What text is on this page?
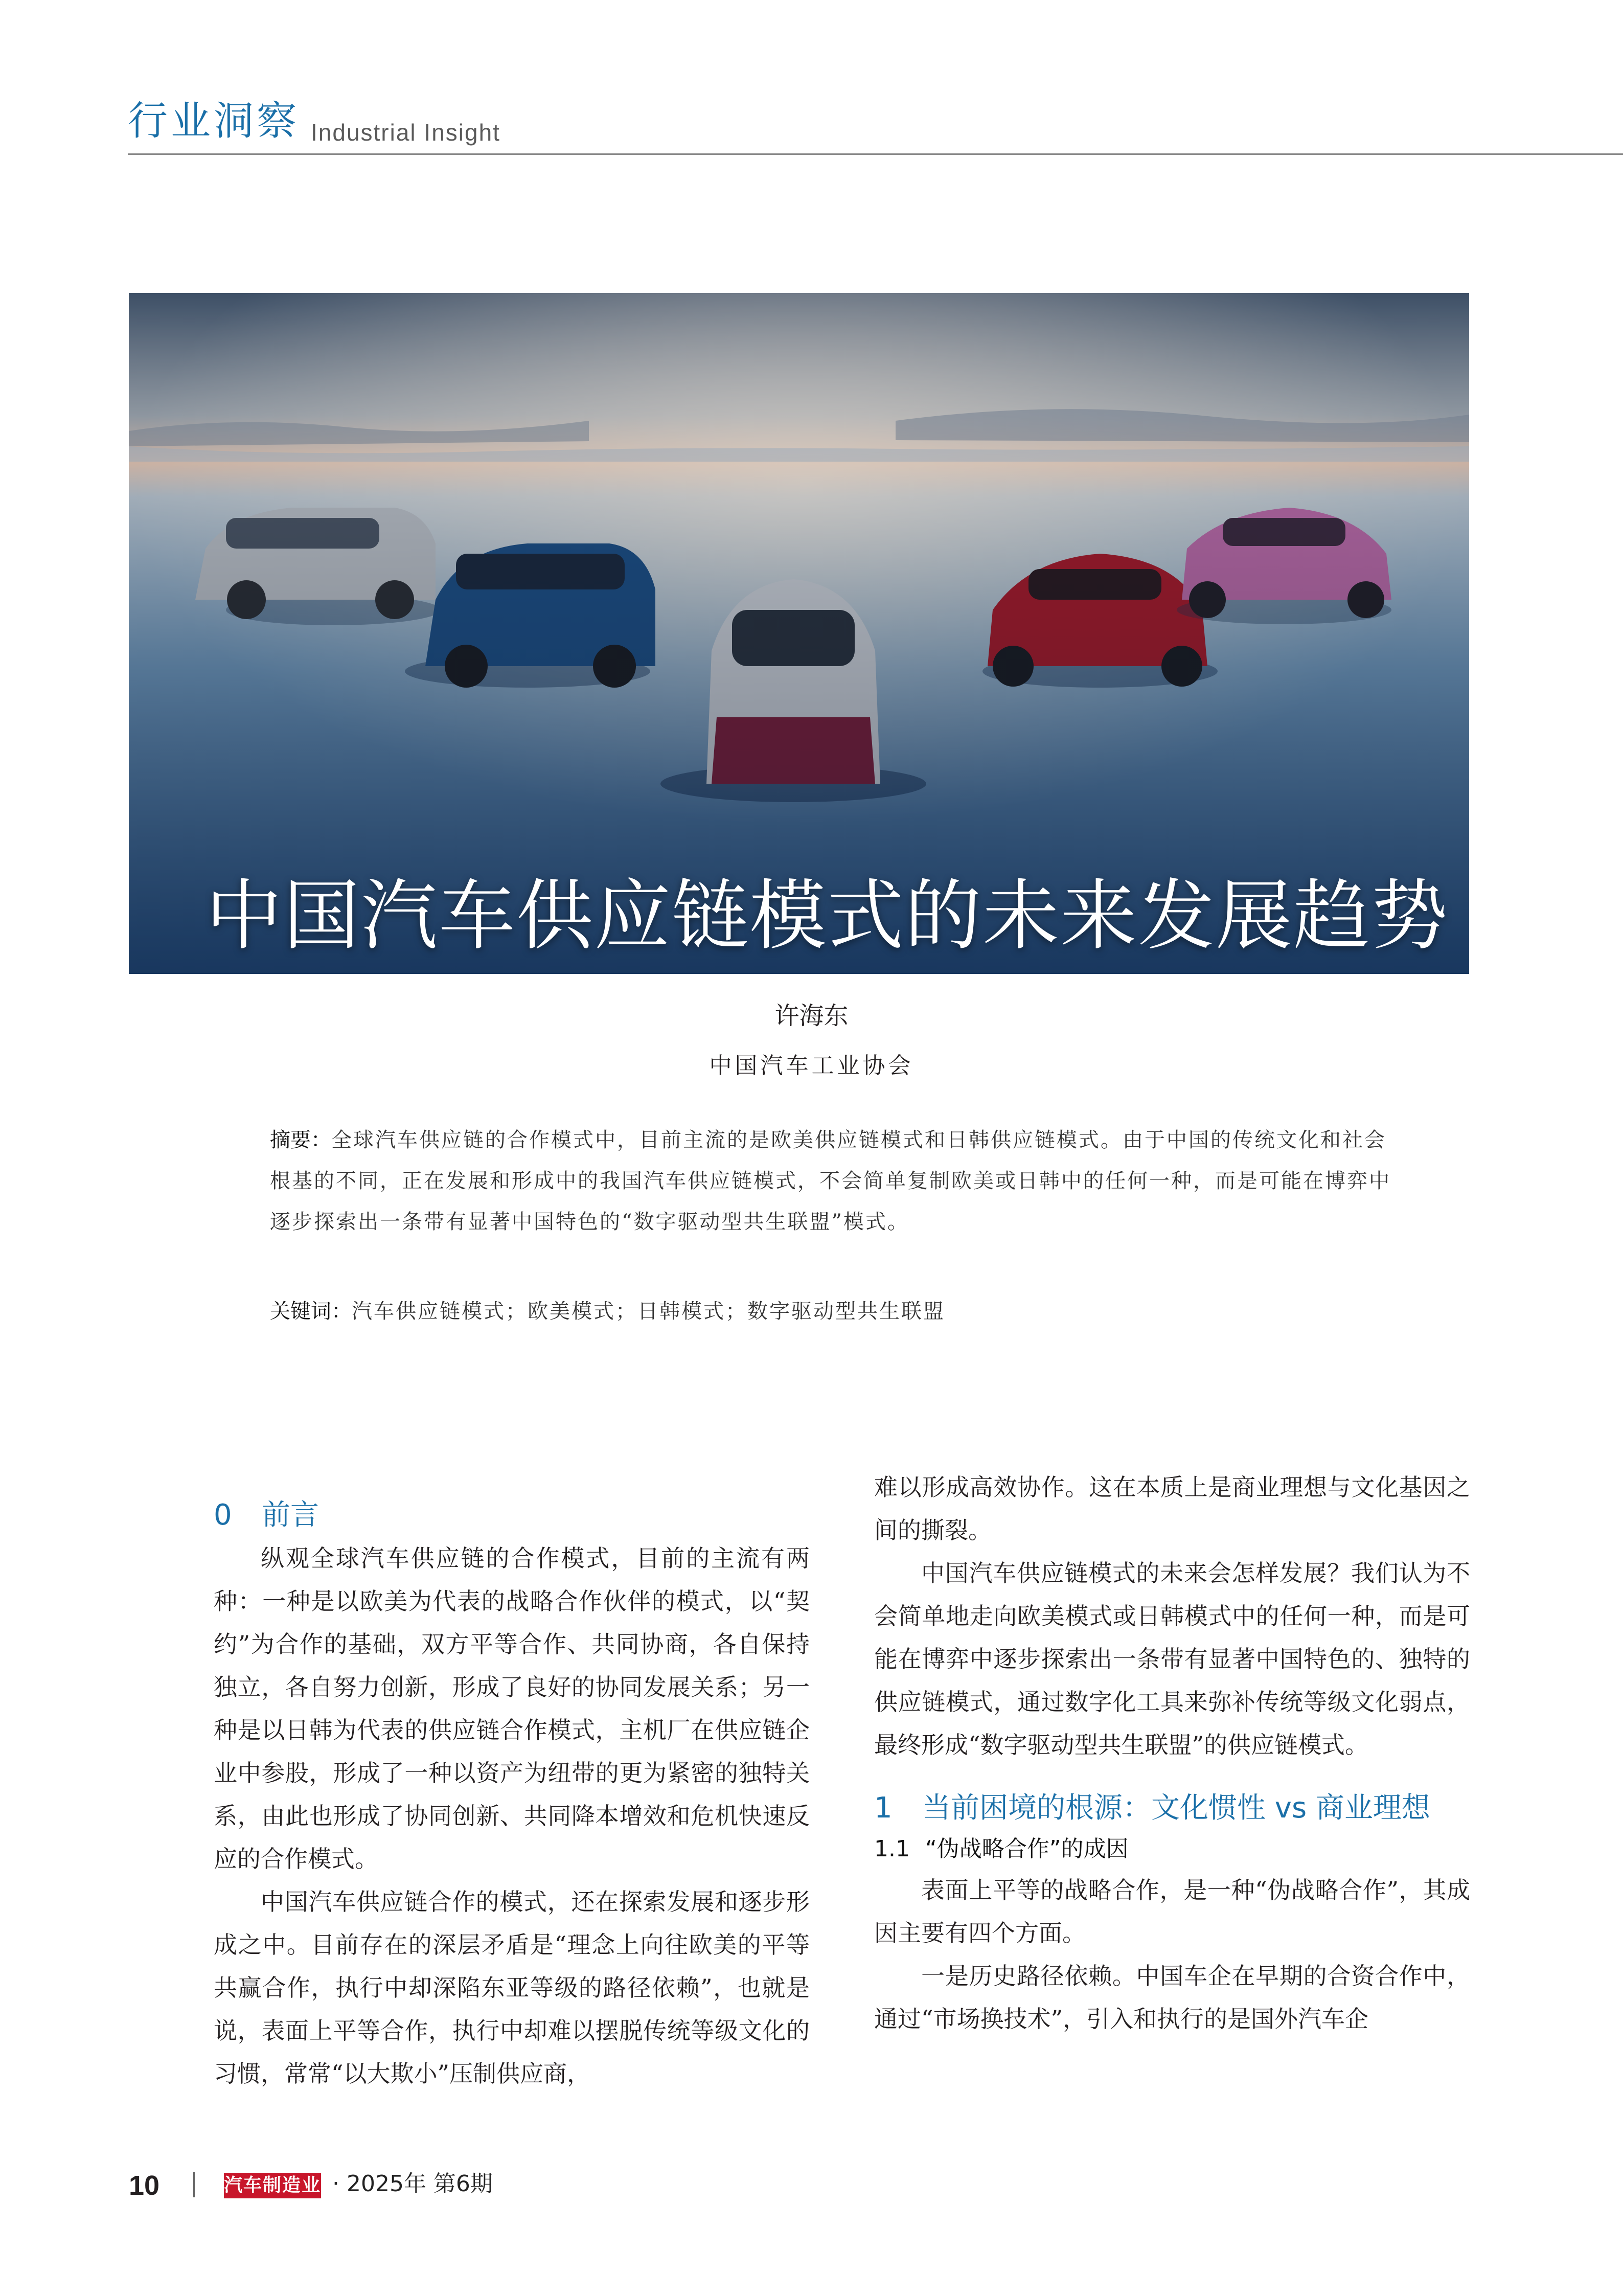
行业洞察 Industrial Insight
中国汽车供应链模式的未来发展趋势
许海东
中国汽车工业协会
摘要：全球汽车供应链的合作模式中，目前主流的是欧美供应链模式和日韩供应链模式。由于中国的传统文化和社会根基的不同，正在发展和形成中的我国汽车供应链模式，不会简单复制欧美或日韩中的任何一种，而是可能在博弈中逐步探索出一条带有显著中国特色的“数字驱动型共生联盟”模式。
关键词：汽车供应链模式；欧美模式；日韩模式；数字驱动型共生联盟

0 前言

纵观全球汽车供应链的合作模式，目前的主流有两种：一种是以欧美为代表的战略合作伙伴的模式，以“契约”为合作的基础，双方平等合作、共同协商，各自保持独立，各自努力创新，形成了良好的协同发展关系；另一种是以日韩为代表的供应链合作模式，主机厂在供应链企业中参股，形成了一种以资产为纽带的更为紧密的独特关系，由此也形成了协同创新、共同降本增效和危机快速反应的合作模式。

中国汽车供应链合作的模式，还在探索发展和逐步形成之中。目前存在的深层矛盾是“理念上向往欧美的平等共赢合作，执行中却深陷东亚等级的路径依赖”，也就是说，表面上平等合作，执行中却难以摆脱传统等级文化的习惯，常常“以大欺小”压制供应商，

难以形成高效协作。这在本质上是商业理想与文化基因之间的撕裂。

中国汽车供应链模式的未来会怎样发展？我们认为不会简单地走向欧美模式或日韩模式中的任何一种，而是可能在博弈中逐步探索出一条带有显著中国特色的、独特的供应链模式，通过数字化工具来弥补传统等级文化弱点，最终形成“数字驱动型共生联盟”的供应链模式。

1 当前困境的根源：文化惯性 vs 商业理想

1.1 “伪战略合作”的成因

表面上平等的战略合作，是一种“伪战略合作”，其成因主要有四个方面。

一是历史路径依赖。中国车企在早期的合资合作中，通过“市场换技术”，引入和执行的是国外汽车企

10	汽车制造业 · 2025年 第6期
